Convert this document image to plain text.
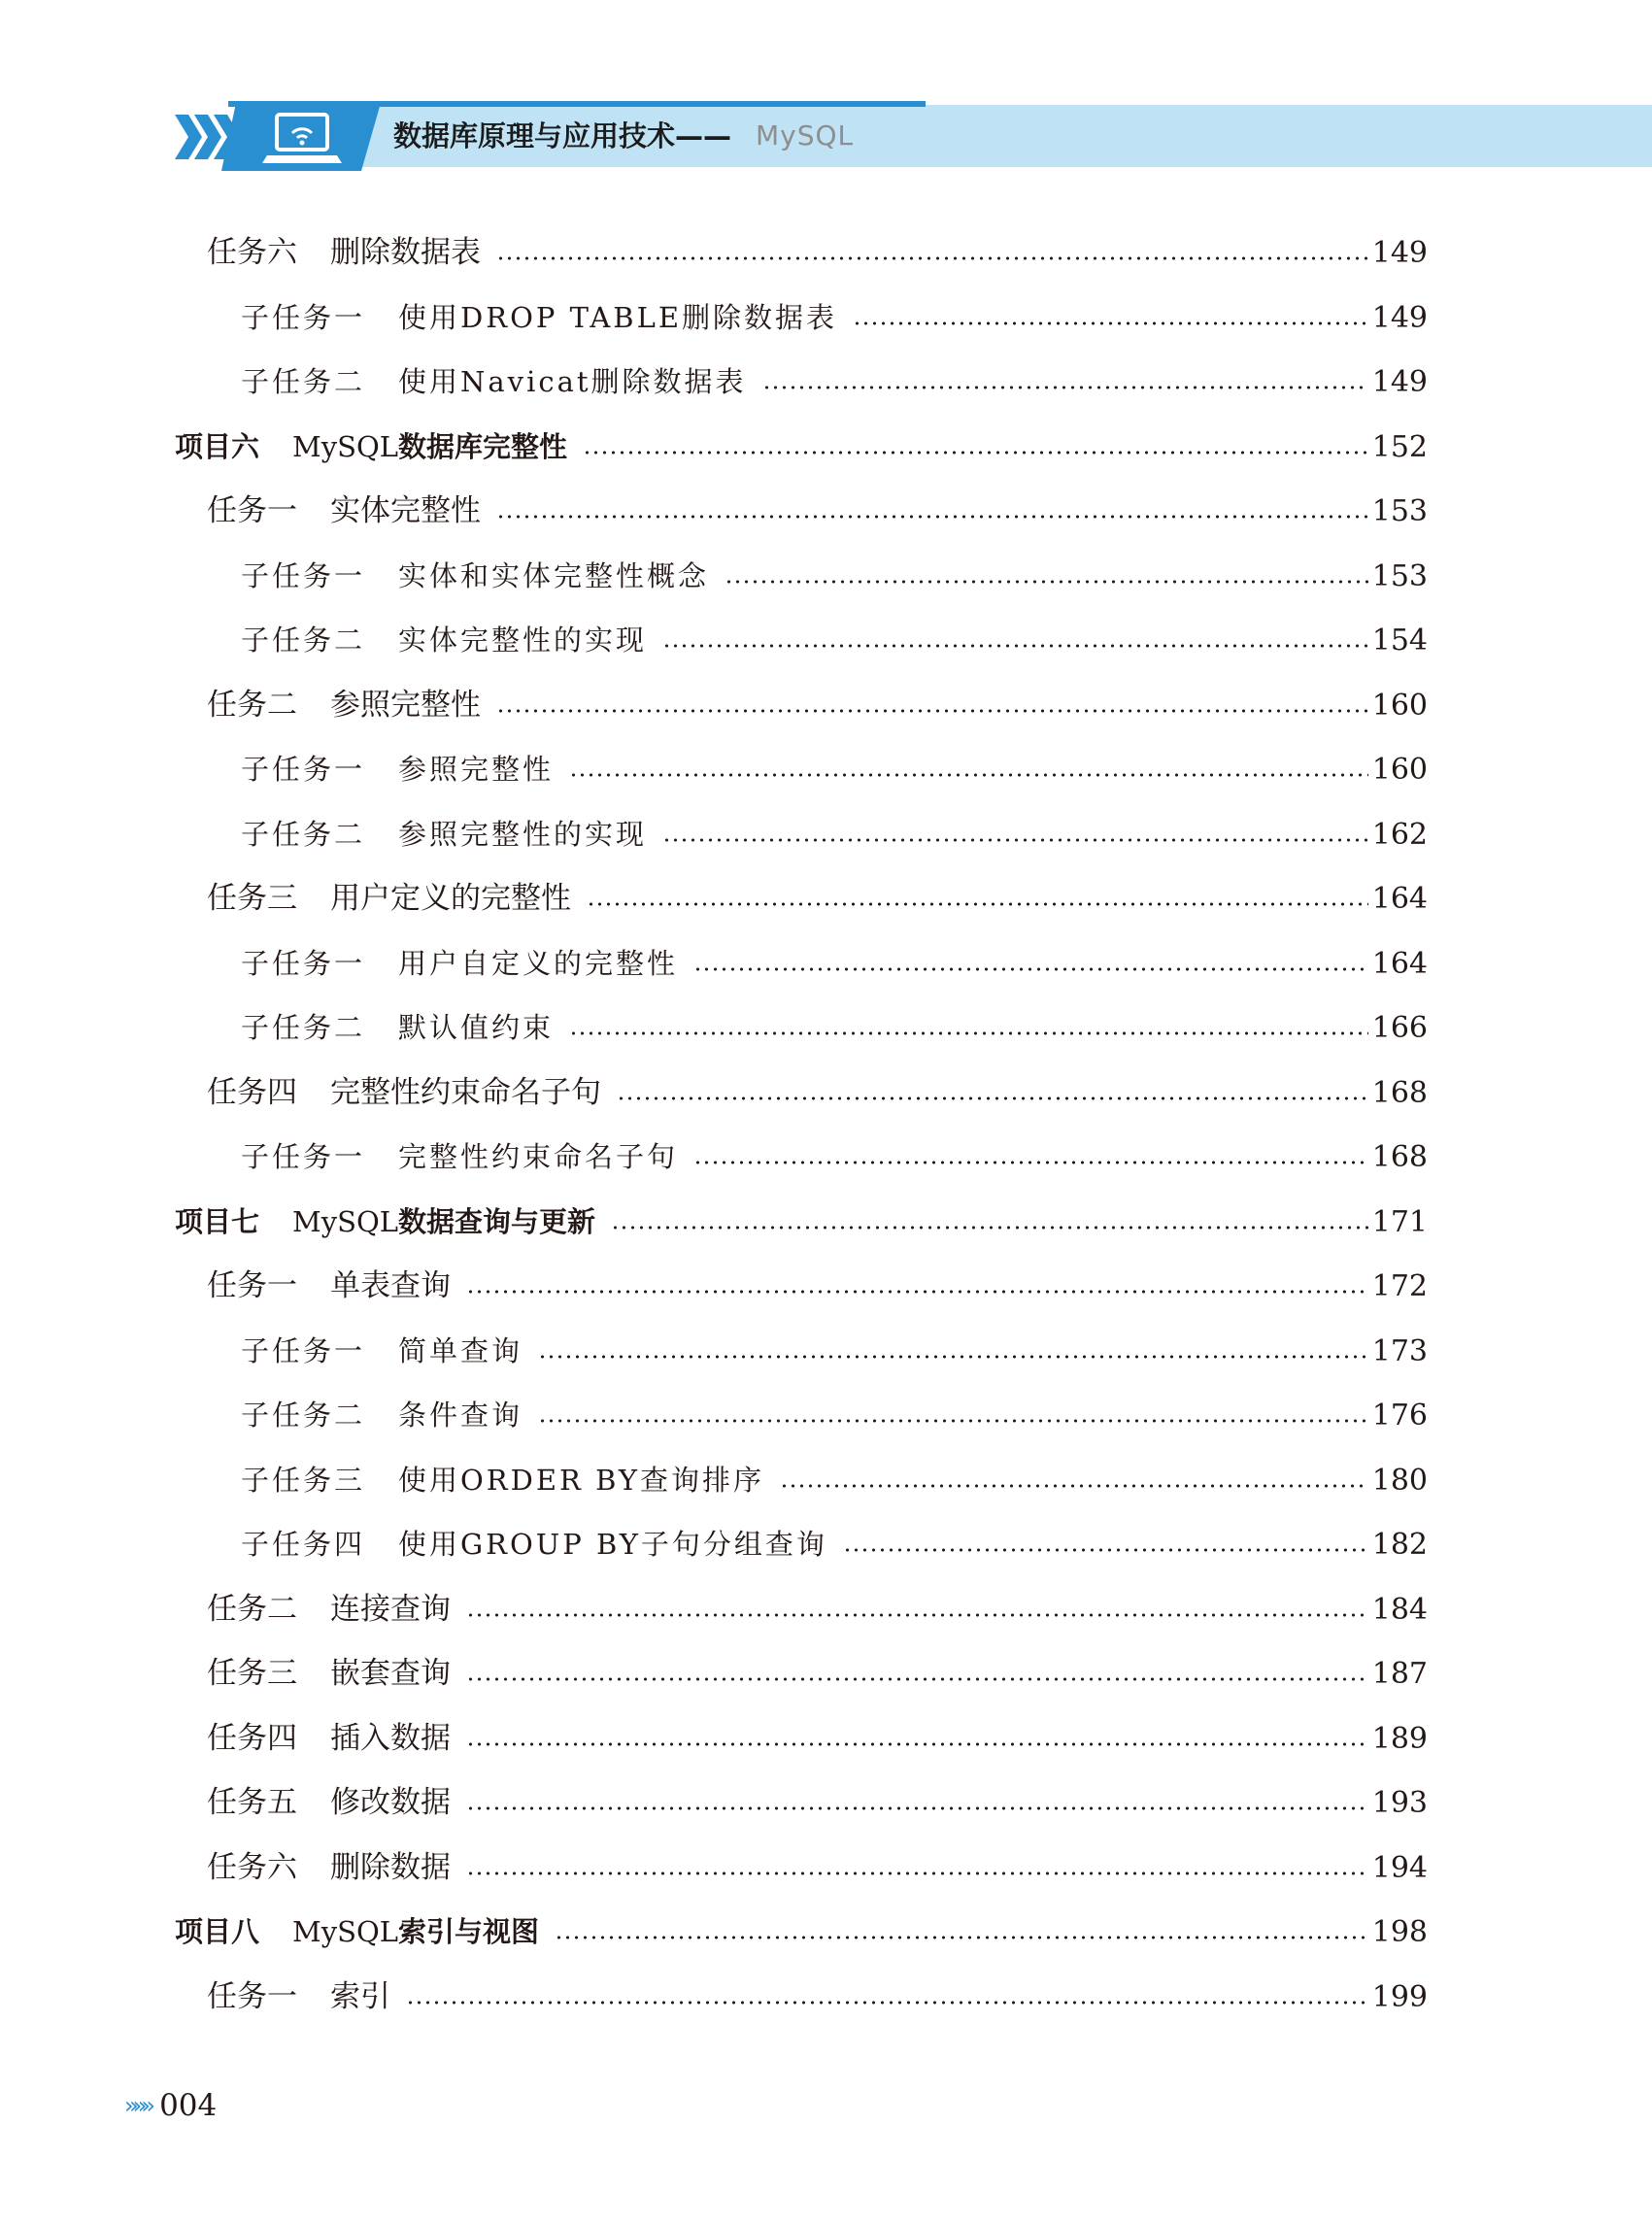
数据库原理与应用技术—— MySQL
任务六 删除数据表	149
子任务一 使用DROP TABLE删除数据表	149
子任务二 使用Navicat删除数据表	149
项目六 MySQL数据库完整性	152
任务一 实体完整性	153
子任务一 实体和实体完整性概念	153
子任务二 实体完整性的实现	154
任务二 参照完整性	160
子任务一 参照完整性	160
子任务二 参照完整性的实现	162
任务三 用户定义的完整性	164
子任务一 用户自定义的完整性	164
子任务二 默认值约束	166
任务四 完整性约束命名子句	168
子任务一 完整性约束命名子句	168
项目七 MySQL数据查询与更新	171
任务一 单表查询	172
子任务一 简单查询	173
子任务二 条件查询	176
子任务三 使用ORDER BY查询排序	180
子任务四 使用GROUP BY子句分组查询	182
任务二 连接查询	184
任务三 嵌套查询	187
任务四 插入数据	189
任务五 修改数据	193
任务六 删除数据	194
项目八 MySQL索引与视图	198
任务一 索引	199
»»» 004
